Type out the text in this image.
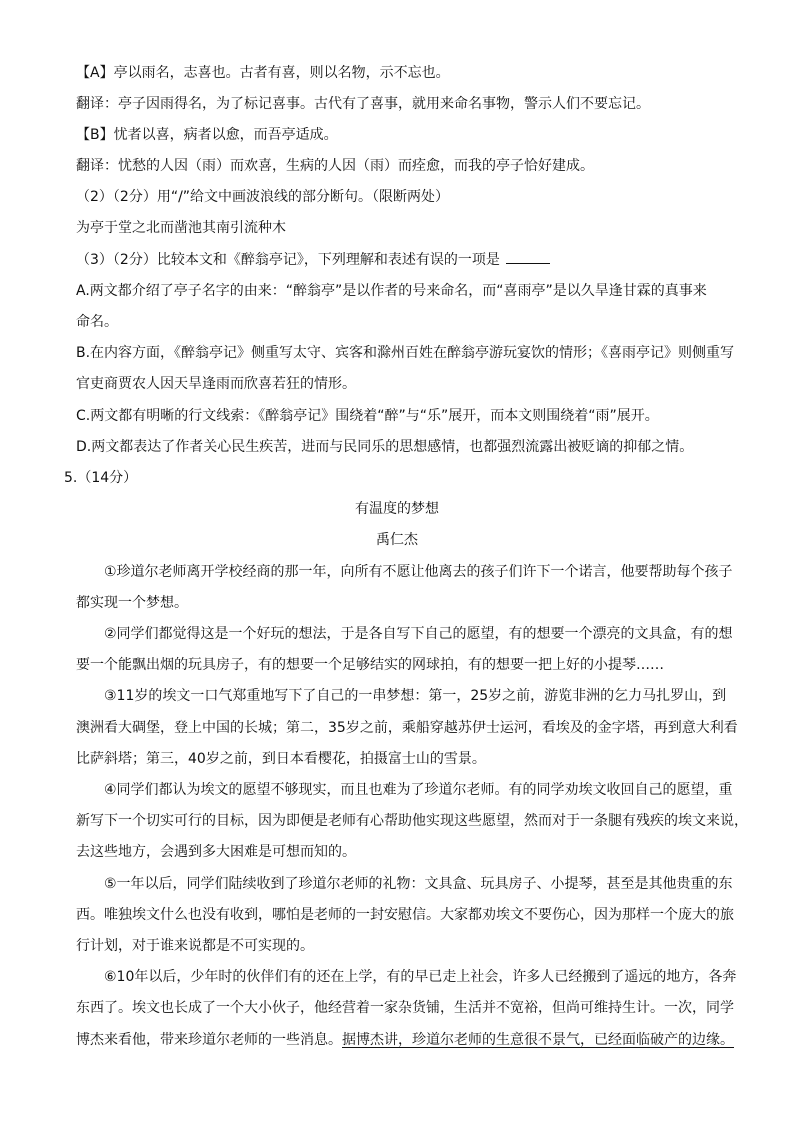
【A】亭以雨名，志喜也。古者有喜，则以名物，示不忘也。
翻译：亭子因雨得名，为了标记喜事。古代有了喜事，就用来命名事物，警示人们不要忘记。
【B】忧者以喜，病者以愈，而吾亭适成。
翻译：忧愁的人因（雨）而欢喜，生病的人因（雨）而痊愈，而我的亭子恰好建成。
（2）（2分）用“/”给文中画波浪线的部分断句。（限断两处）
为亭于堂之北而凿池其南引流种木
（3）（2分）比较本文和《醉翁亭记》，下列理解和表述有误的一项是
A.两文都介绍了亭子名字的由来：“醉翁亭”是以作者的号来命名，而“喜雨亭”是以久旱逢甘霖的真事来
命名。
B.在内容方面，《醉翁亭记》侧重写太守、宾客和滁州百姓在醉翁亭游玩宴饮的情形；《喜雨亭记》则侧重写
官吏商贾农人因天旱逢雨而欣喜若狂的情形。
C.两文都有明晰的行文线索：《醉翁亭记》围绕着“醉”与“乐”展开，而本文则围绕着“雨”展开。
D.两文都表达了作者关心民生疾苦，进而与民同乐的思想感情，也都强烈流露出被贬谪的抑郁之情。
5.（14分）
有温度的梦想
禹仁杰
①珍道尔老师离开学校经商的那一年，向所有不愿让他离去的孩子们许下一个诺言，他要帮助每个孩子
都实现一个梦想。
②同学们都觉得这是一个好玩的想法，于是各自写下自己的愿望，有的想要一个漂亮的文具盒，有的想
要一个能飘出烟的玩具房子，有的想要一个足够结实的网球拍，有的想要一把上好的小提琴……
③11岁的埃文一口气郑重地写下了自己的一串梦想：第一，25岁之前，游览非洲的乞力马扎罗山，到
澳洲看大碉堡，登上中国的长城；第二，35岁之前，乘船穿越苏伊士运河，看埃及的金字塔，再到意大利看
比萨斜塔；第三，40岁之前，到日本看樱花，拍摄富士山的雪景。
④同学们都认为埃文的愿望不够现实，而且也难为了珍道尔老师。有的同学劝埃文收回自己的愿望，重
新写下一个切实可行的目标，因为即便是老师有心帮助他实现这些愿望，然而对于一条腿有残疾的埃文来说，
去这些地方，会遇到多大困难是可想而知的。
⑤一年以后，同学们陆续收到了珍道尔老师的礼物：文具盒、玩具房子、小提琴，甚至是其他贵重的东
西。唯独埃文什么也没有收到，哪怕是老师的一封安慰信。大家都劝埃文不要伤心，因为那样一个庞大的旅
行计划，对于谁来说都是不可实现的。
⑥10年以后，少年时的伙伴们有的还在上学，有的早已走上社会，许多人已经搬到了遥远的地方，各奔
东西了。埃文也长成了一个大小伙子，他经营着一家杂货铺，生活并不宽裕，但尚可维持生计。一次，同学
博杰来看他，带来珍道尔老师的一些消息。据博杰讲，珍道尔老师的生意很不景气，已经面临破产的边缘。
